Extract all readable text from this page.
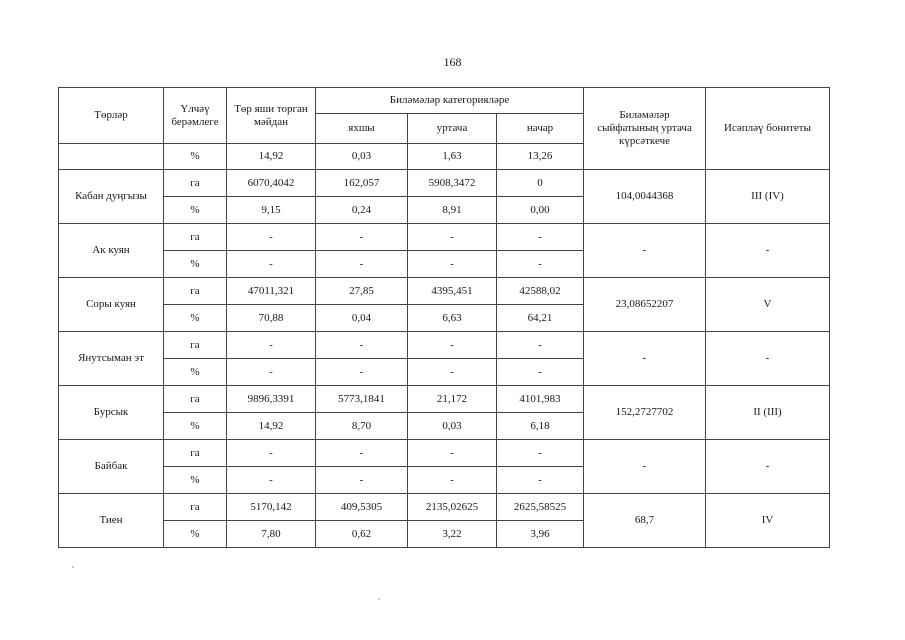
168
Төрләр	Үлчәү берәмлеге	Төр яши торган мәйдан	Биләмәләр категорияләре			Биләмәләр сыйфатының уртача күрсәткече	Исәпләү бонитеты
			яхшы	уртача	начар		
	%	14,92	0,03	1,63	13,26		
Кабан дуңгызы	га	6070,4042	162,057	5908,3472	0	104,0044368	III (IV)
	%	9,15	0,24	8,91	0,00		
Ак куян	га	-	-	-	-	-	-
	%	-	-	-	-		
Соры куян	га	47011,321	27,85	4395,451	42588,02	23,08652207	V
	%	70,88	0,04	6,63	64,21		
Янутсыман эт	га	-	-	-	-	-	-
	%	-	-	-	-		
Бурсык	га	9896,3391	5773,1841	21,172	4101,983	152,2727702	II (III)
	%	14,92	8,70	0,03	6,18		
Байбак	га	-	-	-	-	-	-
	%	-	-	-	-		
Тиен	га	5170,142	409,5305	2135,02625	2625,58525	68,7	IV
	%	7,80	0,62	3,22	3,96		
